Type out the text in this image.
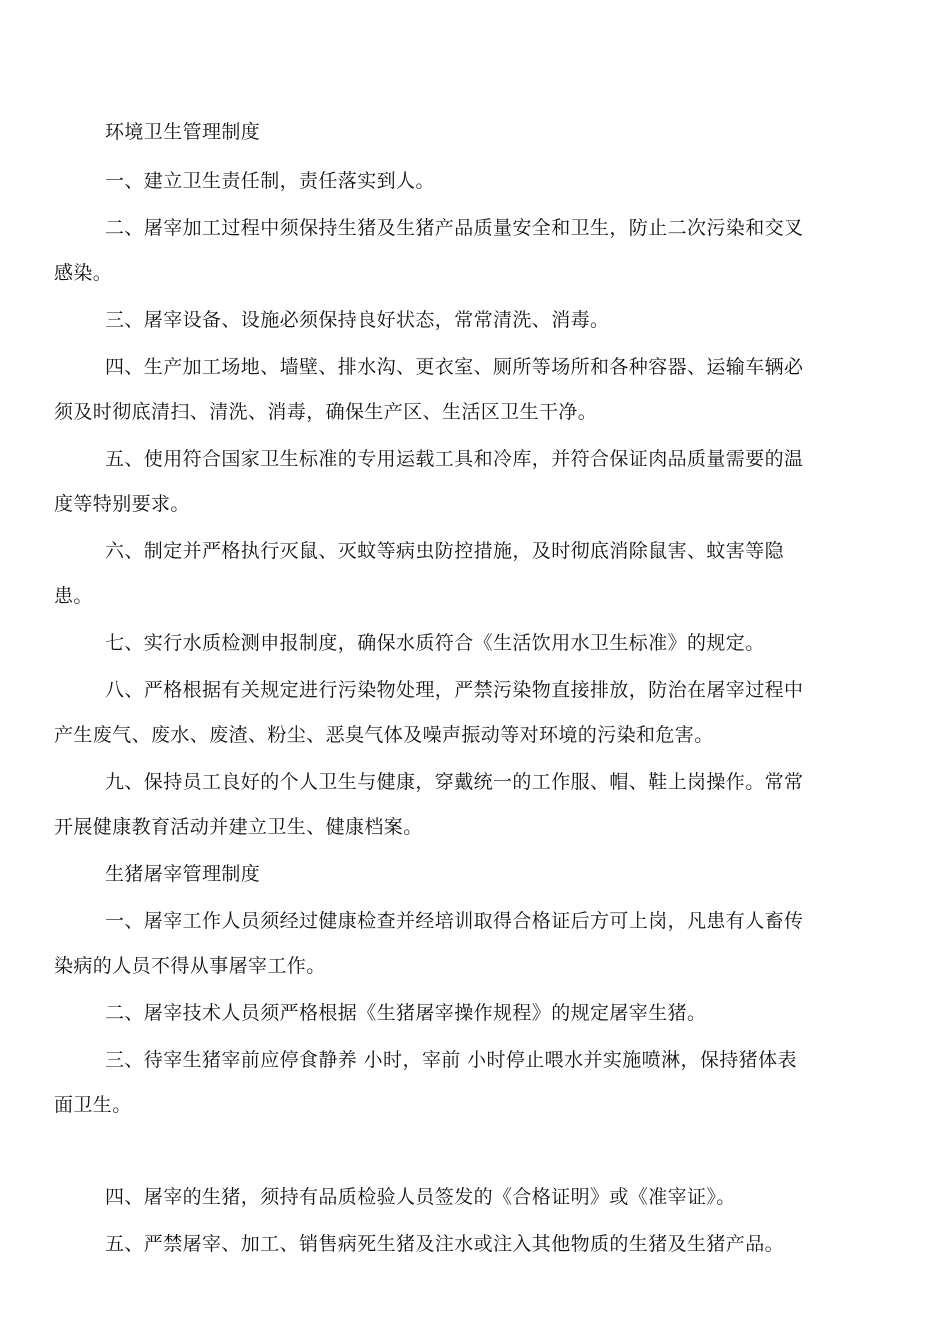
环境卫生管理制度
一、建立卫生责任制，责任落实到人。
二、屠宰加工过程中须保持生猪及生猪产品质量安全和卫生，防止二次污染和交叉
感染。
三、屠宰设备、设施必须保持良好状态，常常清洗、消毒。
四、生产加工场地、墙壁、排水沟、更衣室、厕所等场所和各种容器、运输车辆必
须及时彻底清扫、清洗、消毒，确保生产区、生活区卫生干净。
五、使用符合国家卫生标准的专用运载工具和冷库，并符合保证肉品质量需要的温
度等特别要求。
六、制定并严格执行灭鼠、灭蚊等病虫防控措施，及时彻底消除鼠害、蚊害等隐
患。
七、实行水质检测申报制度，确保水质符合《生活饮用水卫生标准》的规定。
八、严格根据有关规定进行污染物处理，严禁污染物直接排放，防治在屠宰过程中
产生废气、废水、废渣、粉尘、恶臭气体及噪声振动等对环境的污染和危害。
九、保持员工良好的个人卫生与健康，穿戴统一的工作服、帽、鞋上岗操作。常常
开展健康教育活动并建立卫生、健康档案。
生猪屠宰管理制度
一、屠宰工作人员须经过健康检查并经培训取得合格证后方可上岗，凡患有人畜传
染病的人员不得从事屠宰工作。
二、屠宰技术人员须严格根据《生猪屠宰操作规程》的规定屠宰生猪。
三、待宰生猪宰前应停食静养 小时，宰前 小时停止喂水并实施喷淋，保持猪体表
面卫生。
四、屠宰的生猪，须持有品质检验人员签发的《合格证明》或《准宰证》。
五、严禁屠宰、加工、销售病死生猪及注水或注入其他物质的生猪及生猪产品。
